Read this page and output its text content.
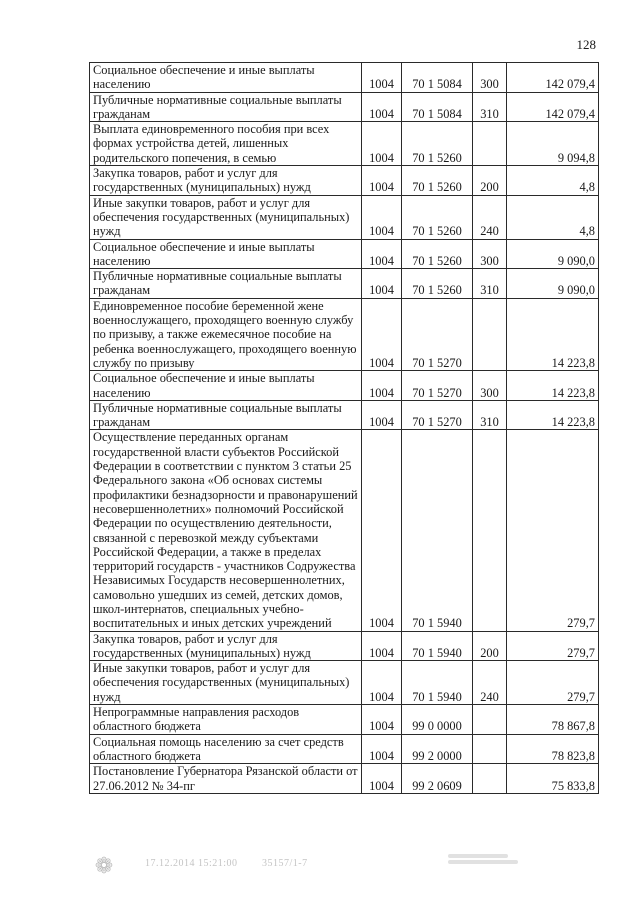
128
Социальное обеспечение и иные выплаты населению	1004	70 1 5084	300	142 079,4
Публичные нормативные социальные выплаты гражданам	1004	70 1 5084	310	142 079,4
Выплата единовременного пособия при всех формах устройства детей, лишенных родительского попечения, в семью	1004	70 1 5260		9 094,8
Закупка товаров, работ и услуг для государственных (муниципальных) нужд	1004	70 1 5260	200	4,8
Иные закупки товаров, работ и услуг для обеспечения государственных (муниципальных) нужд	1004	70 1 5260	240	4,8
Социальное обеспечение и иные выплаты населению	1004	70 1 5260	300	9 090,0
Публичные нормативные социальные выплаты гражданам	1004	70 1 5260	310	9 090,0
Единовременное пособие беременной жене военнослужащего, проходящего военную службу по призыву, а также ежемесячное пособие на ребенка военнослужащего, проходящего военную службу по призыву	1004	70 1 5270		14 223,8
Социальное обеспечение и иные выплаты населению	1004	70 1 5270	300	14 223,8
Публичные нормативные социальные выплаты гражданам	1004	70 1 5270	310	14 223,8
Осуществление переданных органам государственной власти субъектов Российской Федерации в соответствии с пунктом 3 статьи 25 Федерального закона «Об основах системы профилактики безнадзорности и правонарушений несовершеннолетних» полномочий Российской Федерации по осуществлению деятельности, связанной с перевозкой между субъектами Российской Федерации, а также в пределах территорий государств - участников Содружества Независимых Государств несовершеннолетних, самовольно ушедших из семей, детских домов, школ-интернатов, специальных учебно-воспитательных и иных детских учреждений	1004	70 1 5940		279,7
Закупка товаров, работ и услуг для государственных (муниципальных) нужд	1004	70 1 5940	200	279,7
Иные закупки товаров, работ и услуг для обеспечения государственных (муниципальных) нужд	1004	70 1 5940	240	279,7
Непрограммные направления расходов областного бюджета	1004	99 0 0000		78 867,8
Социальная помощь населению за счет средств областного бюджета	1004	99 2 0000		78 823,8
Постановление Губернатора Рязанской области от 27.06.2012 № 34-пг	1004	99 2 0609		75 833,8
❁	17.12.2014 15:21:00 35157/1-7
